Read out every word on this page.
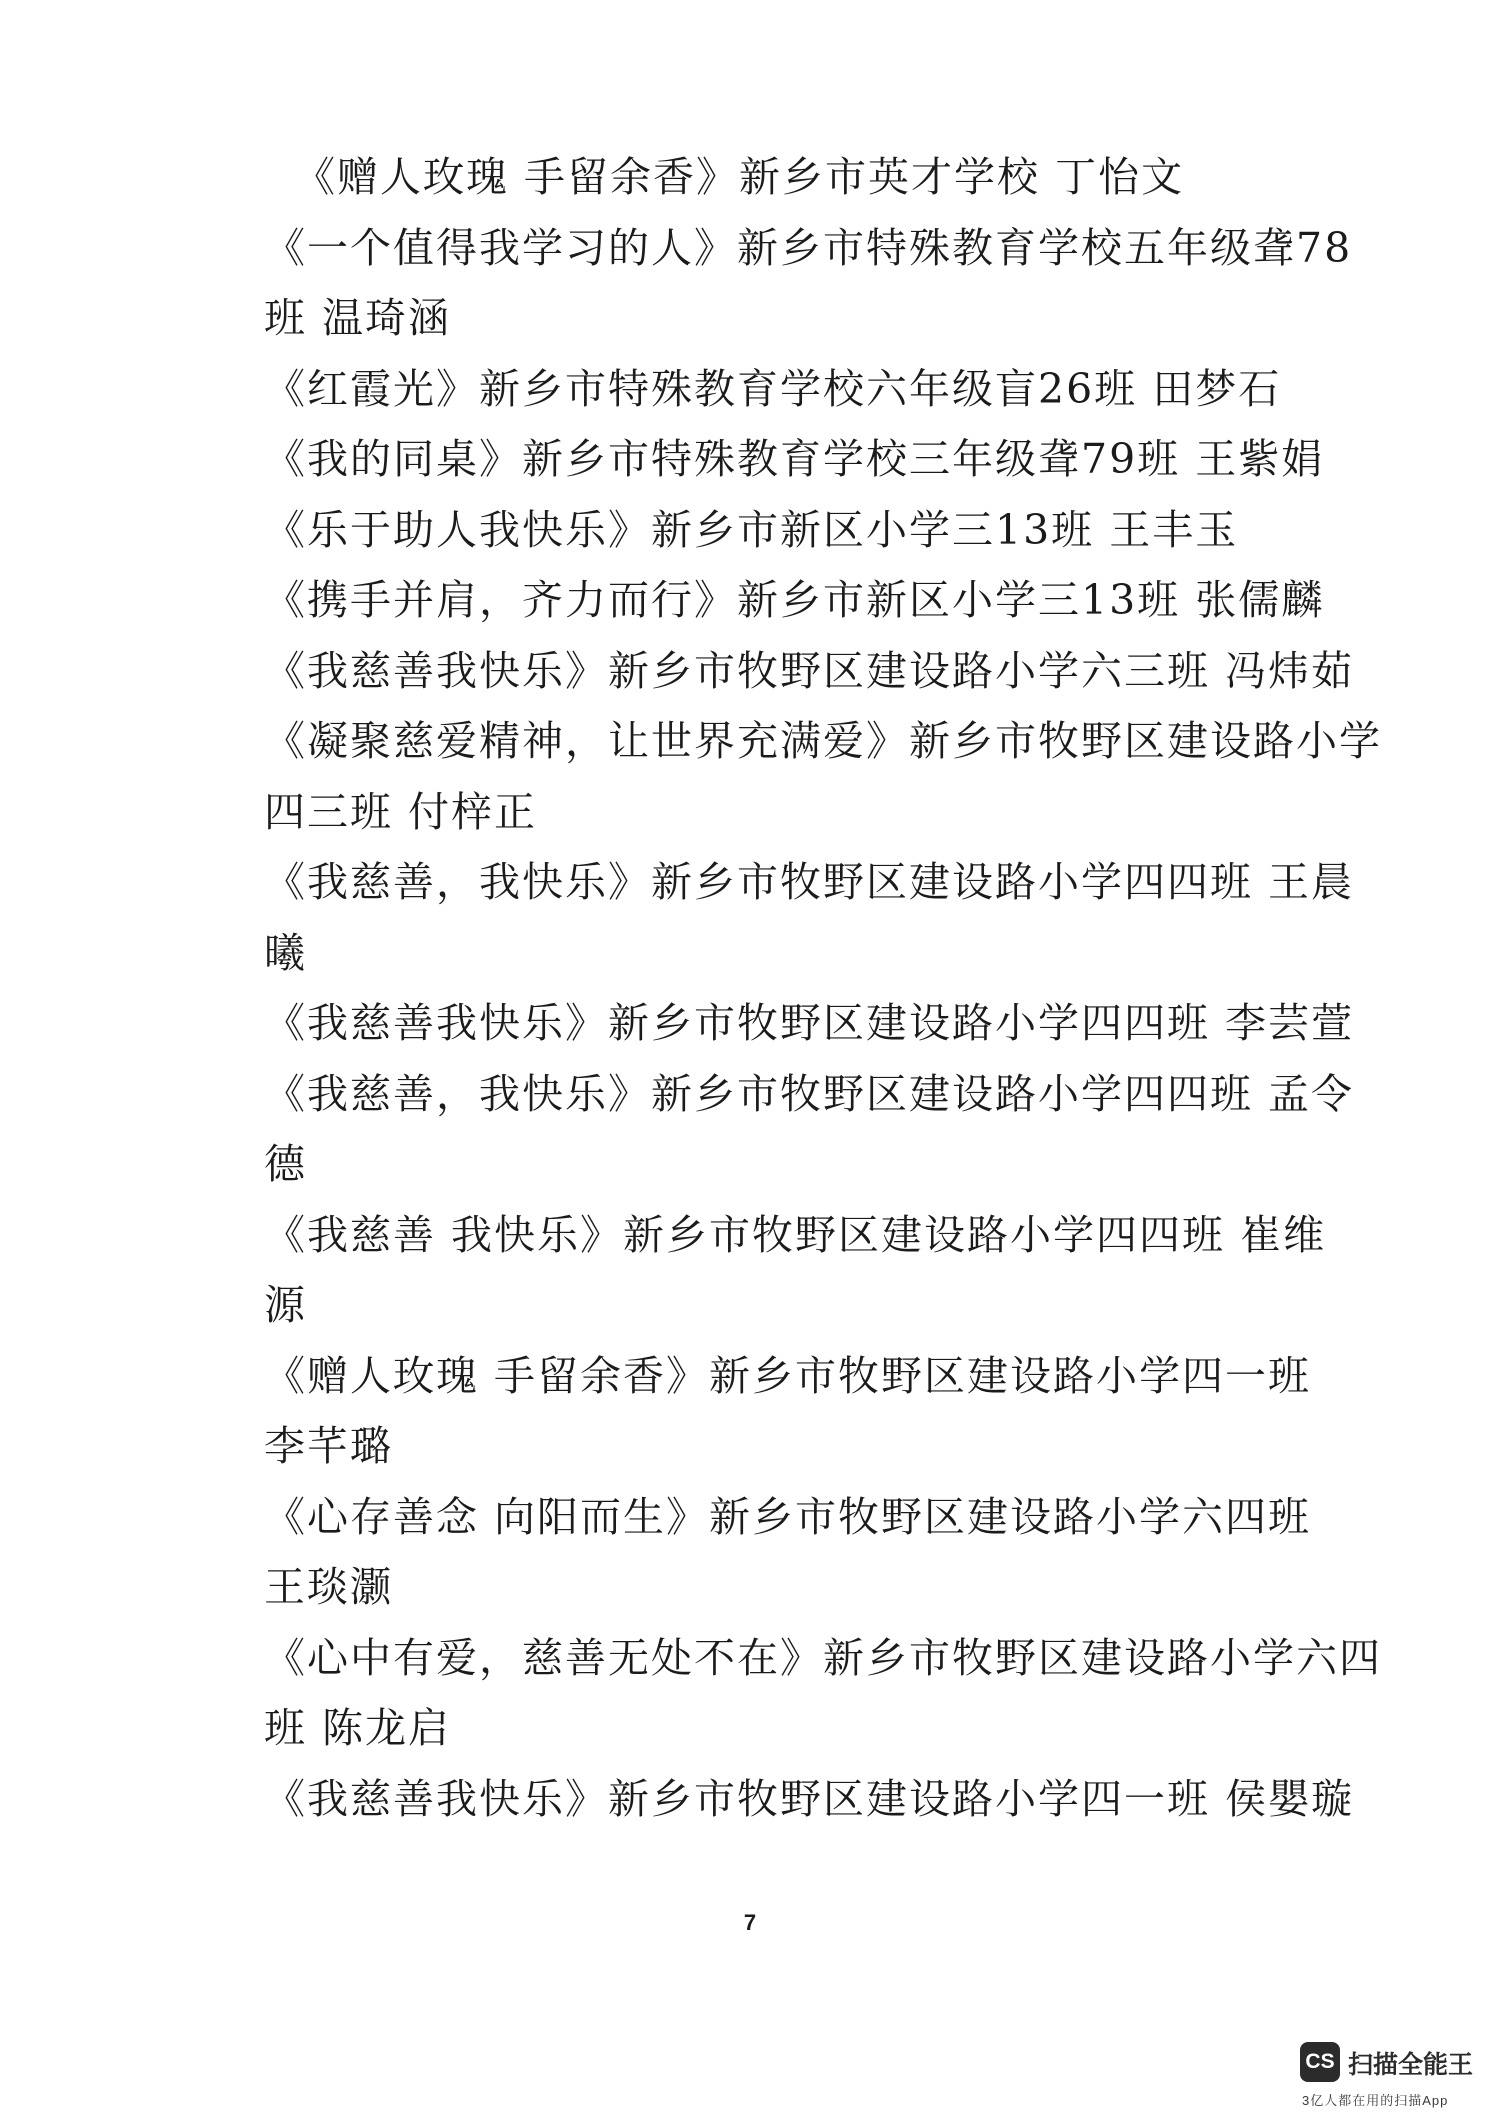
《赠人玫瑰 手留余香》新乡市英才学校 丁怡文
《一个值得我学习的人》新乡市特殊教育学校五年级聋78
班 温琦涵
《红霞光》新乡市特殊教育学校六年级盲26班 田梦石
《我的同桌》新乡市特殊教育学校三年级聋79班 王紫娟
《乐于助人我快乐》新乡市新区小学三13班 王丰玉
《携手并肩，齐力而行》新乡市新区小学三13班 张儒麟
《我慈善我快乐》新乡市牧野区建设路小学六三班 冯炜茹
《凝聚慈爱精神，让世界充满爱》新乡市牧野区建设路小学
四三班 付梓正
《我慈善，我快乐》新乡市牧野区建设路小学四四班 王晨
曦
《我慈善我快乐》新乡市牧野区建设路小学四四班 李芸萱
《我慈善，我快乐》新乡市牧野区建设路小学四四班 孟令
德
《我慈善 我快乐》新乡市牧野区建设路小学四四班 崔维
源
《赠人玫瑰 手留余香》新乡市牧野区建设路小学四一班
李芊璐
《心存善念 向阳而生》新乡市牧野区建设路小学六四班
王琰灏
《心中有爱，慈善无处不在》新乡市牧野区建设路小学六四
班 陈龙启
《我慈善我快乐》新乡市牧野区建设路小学四一班 侯嬰璇
7
CS 扫描全能王
3亿人都在用的扫描App
